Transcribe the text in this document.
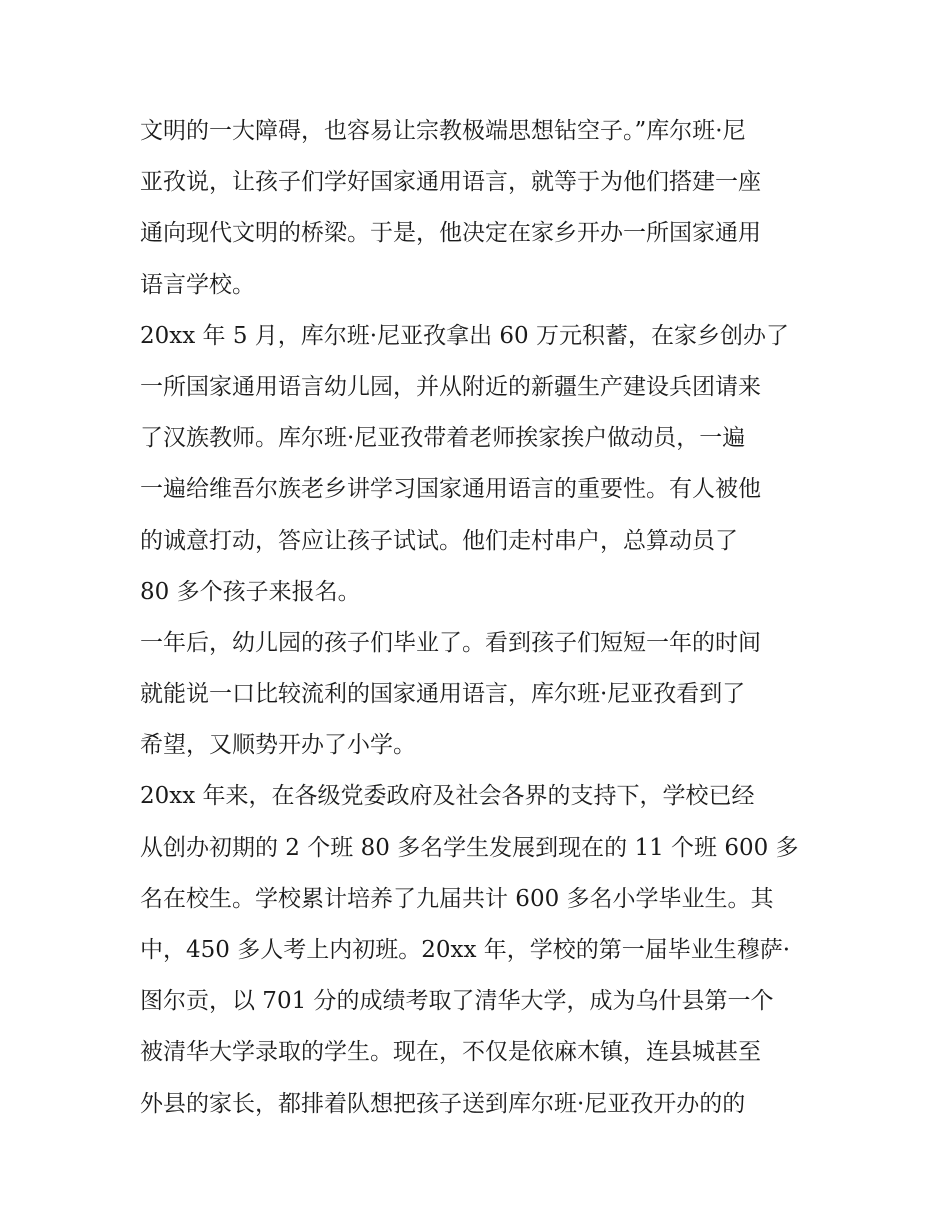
文明的一大障碍，也容易让宗教极端思想钻空子。”库尔班·尼
亚孜说，让孩子们学好国家通用语言，就等于为他们搭建一座
通向现代文明的桥梁。于是，他决定在家乡开办一所国家通用
语言学校。
20xx 年 5 月，库尔班·尼亚孜拿出 60 万元积蓄，在家乡创办了
一所国家通用语言幼儿园，并从附近的新疆生产建设兵团请来
了汉族教师。库尔班·尼亚孜带着老师挨家挨户做动员，一遍
一遍给维吾尔族老乡讲学习国家通用语言的重要性。有人被他
的诚意打动，答应让孩子试试。他们走村串户，总算动员了
80 多个孩子来报名。
一年后，幼儿园的孩子们毕业了。看到孩子们短短一年的时间
就能说一口比较流利的国家通用语言，库尔班·尼亚孜看到了
希望，又顺势开办了小学。
20xx 年来，在各级党委政府及社会各界的支持下，学校已经
从创办初期的 2 个班 80 多名学生发展到现在的 11 个班 600 多
名在校生。学校累计培养了九届共计 600 多名小学毕业生。其
中，450 多人考上内初班。20xx 年，学校的第一届毕业生穆萨·
图尔贡，以 701 分的成绩考取了清华大学，成为乌什县第一个
被清华大学录取的学生。现在，不仅是依麻木镇，连县城甚至
外县的家长，都排着队想把孩子送到库尔班·尼亚孜开办的的
